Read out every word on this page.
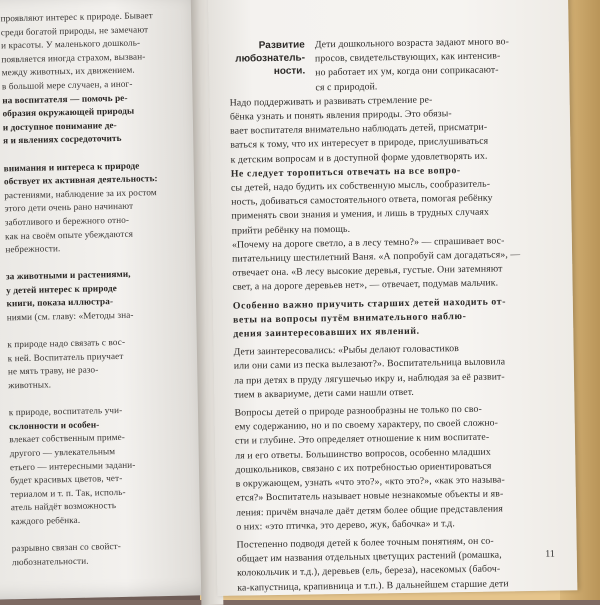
проявляют интерес к природе. Бывает
среди богатой природы, не замечают
и красоты. У маленького дошколь-
появляется иногда страхом, вызван-
между животных, их движением.
в большой мере случаен, а иног-
на воспитателя — помочь ре-
образия окружающей природы
и доступное понимание де-
я и явлениях сосредоточить

внимания и интереса к природе
обствует их активная деятельность:
растениями, наблюдение за их ростом
этого дети очень рано начинают
заботливого и бережного отно-
как на своём опыте убеждаются
небрежности.

за животными и растениями,
у детей интерес к природе
книги, показа иллюстра-
ниями (см. главу: «Методы зна-

к природе надо связать с вос-
к ней. Воспитатель приучает
не мять траву, не разо-
животных.

к природе, воспитатель учи-
склонности и особен-
влекает собственным приме-
другого — увлекательным
етьего — интересными задани-
будет красивых цветов, чет-
териалом и т. п. Так, исполь-
атель найдёт возможность
каждого ребёнка.

разрывно связан со свойст-
любознательности.
Развитие любознатель-ности.
Дети дошкольного возраста задают много во-
просов, свидетельствующих, как интенсив-
но работает их ум, когда они соприкасают-
ся с природой.
Надо поддерживать и развивать стремление ре-
бёнка узнать и понять явления природы. Это обязы-
вает воспитателя внимательно наблюдать детей, присматри-
ваться к тому, что их интересует в природе, прислушиваться
к детским вопросам и в доступной форме удовлетворять их.
Не следует торопиться отвечать на все вопро-
сы детей, надо будить их собственную мысль, сообразитель-
ность, добиваться самостоятельного ответа, помогая ребёнку
применять свои знания и умения, и лишь в трудных случаях
прийти ребёнку на помощь.
«Почему на дороге светло, а в лесу темно?» — спрашивает вос-
питательницу шестилетний Ваня. «А попробуй сам догадаться», —
отвечает она. «В лесу высокие деревья, густые. Они затемняют
свет, а на дороге деревьев нет», — отвечает, подумав мальчик.
Особенно важно приучить старших детей находить от-
веты на вопросы путём внимательного наблю-
дения заинтересовавших их явлений.
Дети заинтересовались: «Рыбы делают головастиков
или они сами из песка вылезают?». Воспитательница выловила
ла при детях в пруду лягушечью икру и, наблюдая за её развит-
тием в аквариуме, дети сами нашли ответ.
Вопросы детей о природе разнообразны не только по сво-
ему содержанию, но и по своему характеру, по своей сложно-
сти и глубине. Это определяет отношение к ним воспитате-
ля и его ответы. Большинство вопросов, особенно младших
дошкольников, связано с их потребностью ориентироваться
в окружающем, узнать «что это?», «кто это?», «как это называ-
ется?» Воспитатель называет новые незнакомые объекты и яв-
ления: причём вначале даёт детям более общие представления
о них: «это птичка, это дерево, жук, бабочка» и т.д.
Постепенно подводя детей к более точным понятиям, он со-
общает им названия отдельных цветущих растений (ромашка,
колокольчик и т.д.), деревьев (ель, береза), насекомых (бабоч-
ка-капустница, крапивница и т.п.). В дальнейшем старшие дети
11
